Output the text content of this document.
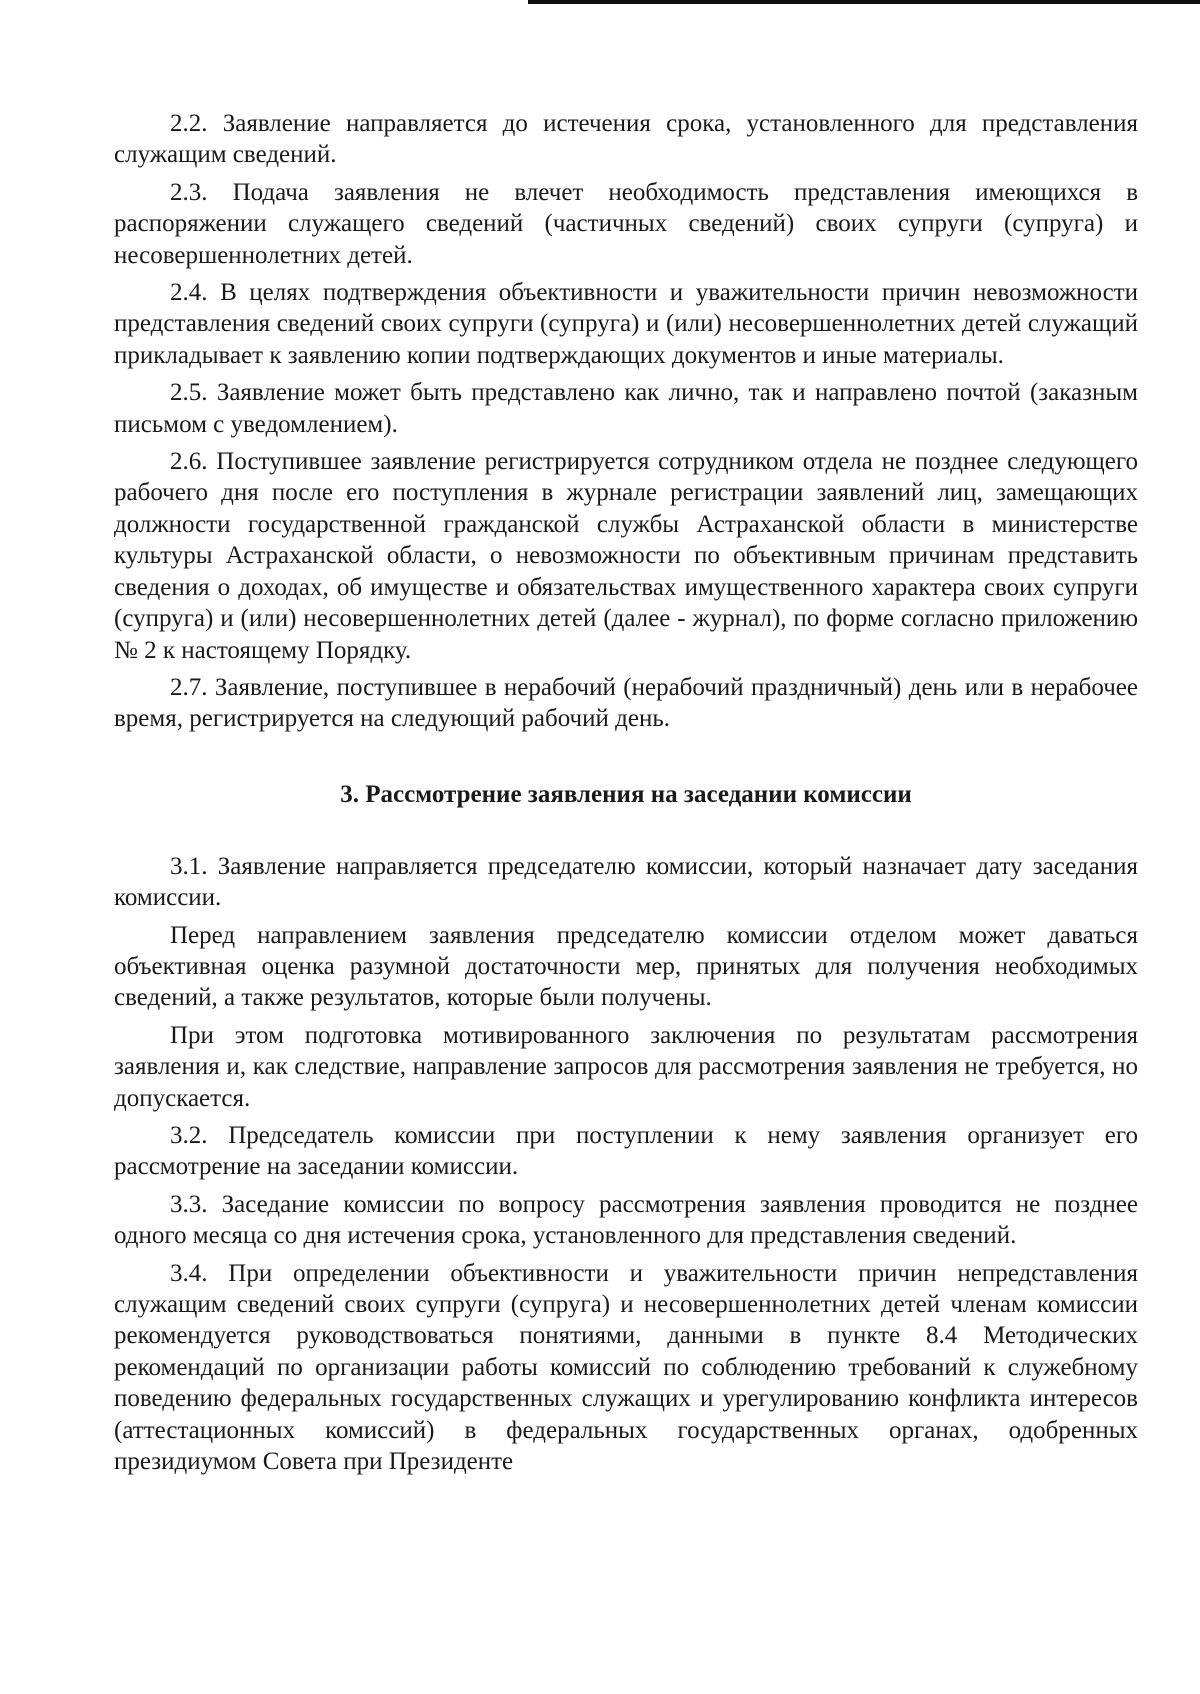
2.2. Заявление направляется до истечения срока, установленного для представления служащим сведений.

2.3. Подача заявления не влечет необходимость представления имеющихся в распоряжении служащего сведений (частичных сведений) своих супруги (супруга) и несовершеннолетних детей.

2.4. В целях подтверждения объективности и уважительности причин невозможности представления сведений своих супруги (супруга) и (или) несовершеннолетних детей служащий прикладывает к заявлению копии подтверждающих документов и иные материалы.

2.5. Заявление может быть представлено как лично, так и направлено почтой (заказным письмом с уведомлением).

2.6. Поступившее заявление регистрируется сотрудником отдела не позднее следующего рабочего дня после его поступления в журнале регистрации заявлений лиц, замещающих должности государственной гражданской службы Астраханской области в министерстве культуры Астраханской области, о невозможности по объективным причинам представить сведения о доходах, об имуществе и обязательствах имущественного характера своих супруги (супруга) и (или) несовершеннолетних детей (далее - журнал), по форме согласно приложению № 2 к настоящему Порядку.

2.7. Заявление, поступившее в нерабочий (нерабочий праздничный) день или в нерабочее время, регистрируется на следующий рабочий день.

3. Рассмотрение заявления на заседании комиссии

3.1. Заявление направляется председателю комиссии, который назначает дату заседания комиссии.

Перед направлением заявления председателю комиссии отделом может даваться объективная оценка разумной достаточности мер, принятых для получения необходимых сведений, а также результатов, которые были получены.

При этом подготовка мотивированного заключения по результатам рассмотрения заявления и, как следствие, направление запросов для рассмотрения заявления не требуется, но допускается.

3.2. Председатель комиссии при поступлении к нему заявления организует его рассмотрение на заседании комиссии.

3.3. Заседание комиссии по вопросу рассмотрения заявления проводится не позднее одного месяца со дня истечения срока, установленного для представления сведений.

3.4. При определении объективности и уважительности причин непредставления служащим сведений своих супруги (супруга) и несовершеннолетних детей членам комиссии рекомендуется руководствоваться понятиями, данными в пункте 8.4 Методических рекомендаций по организации работы комиссий по соблюдению требований к служебному поведению федеральных государственных служащих и урегулированию конфликта интересов (аттестационных комиссий) в федеральных государственных органах, одобренных президиумом Совета при Президенте
